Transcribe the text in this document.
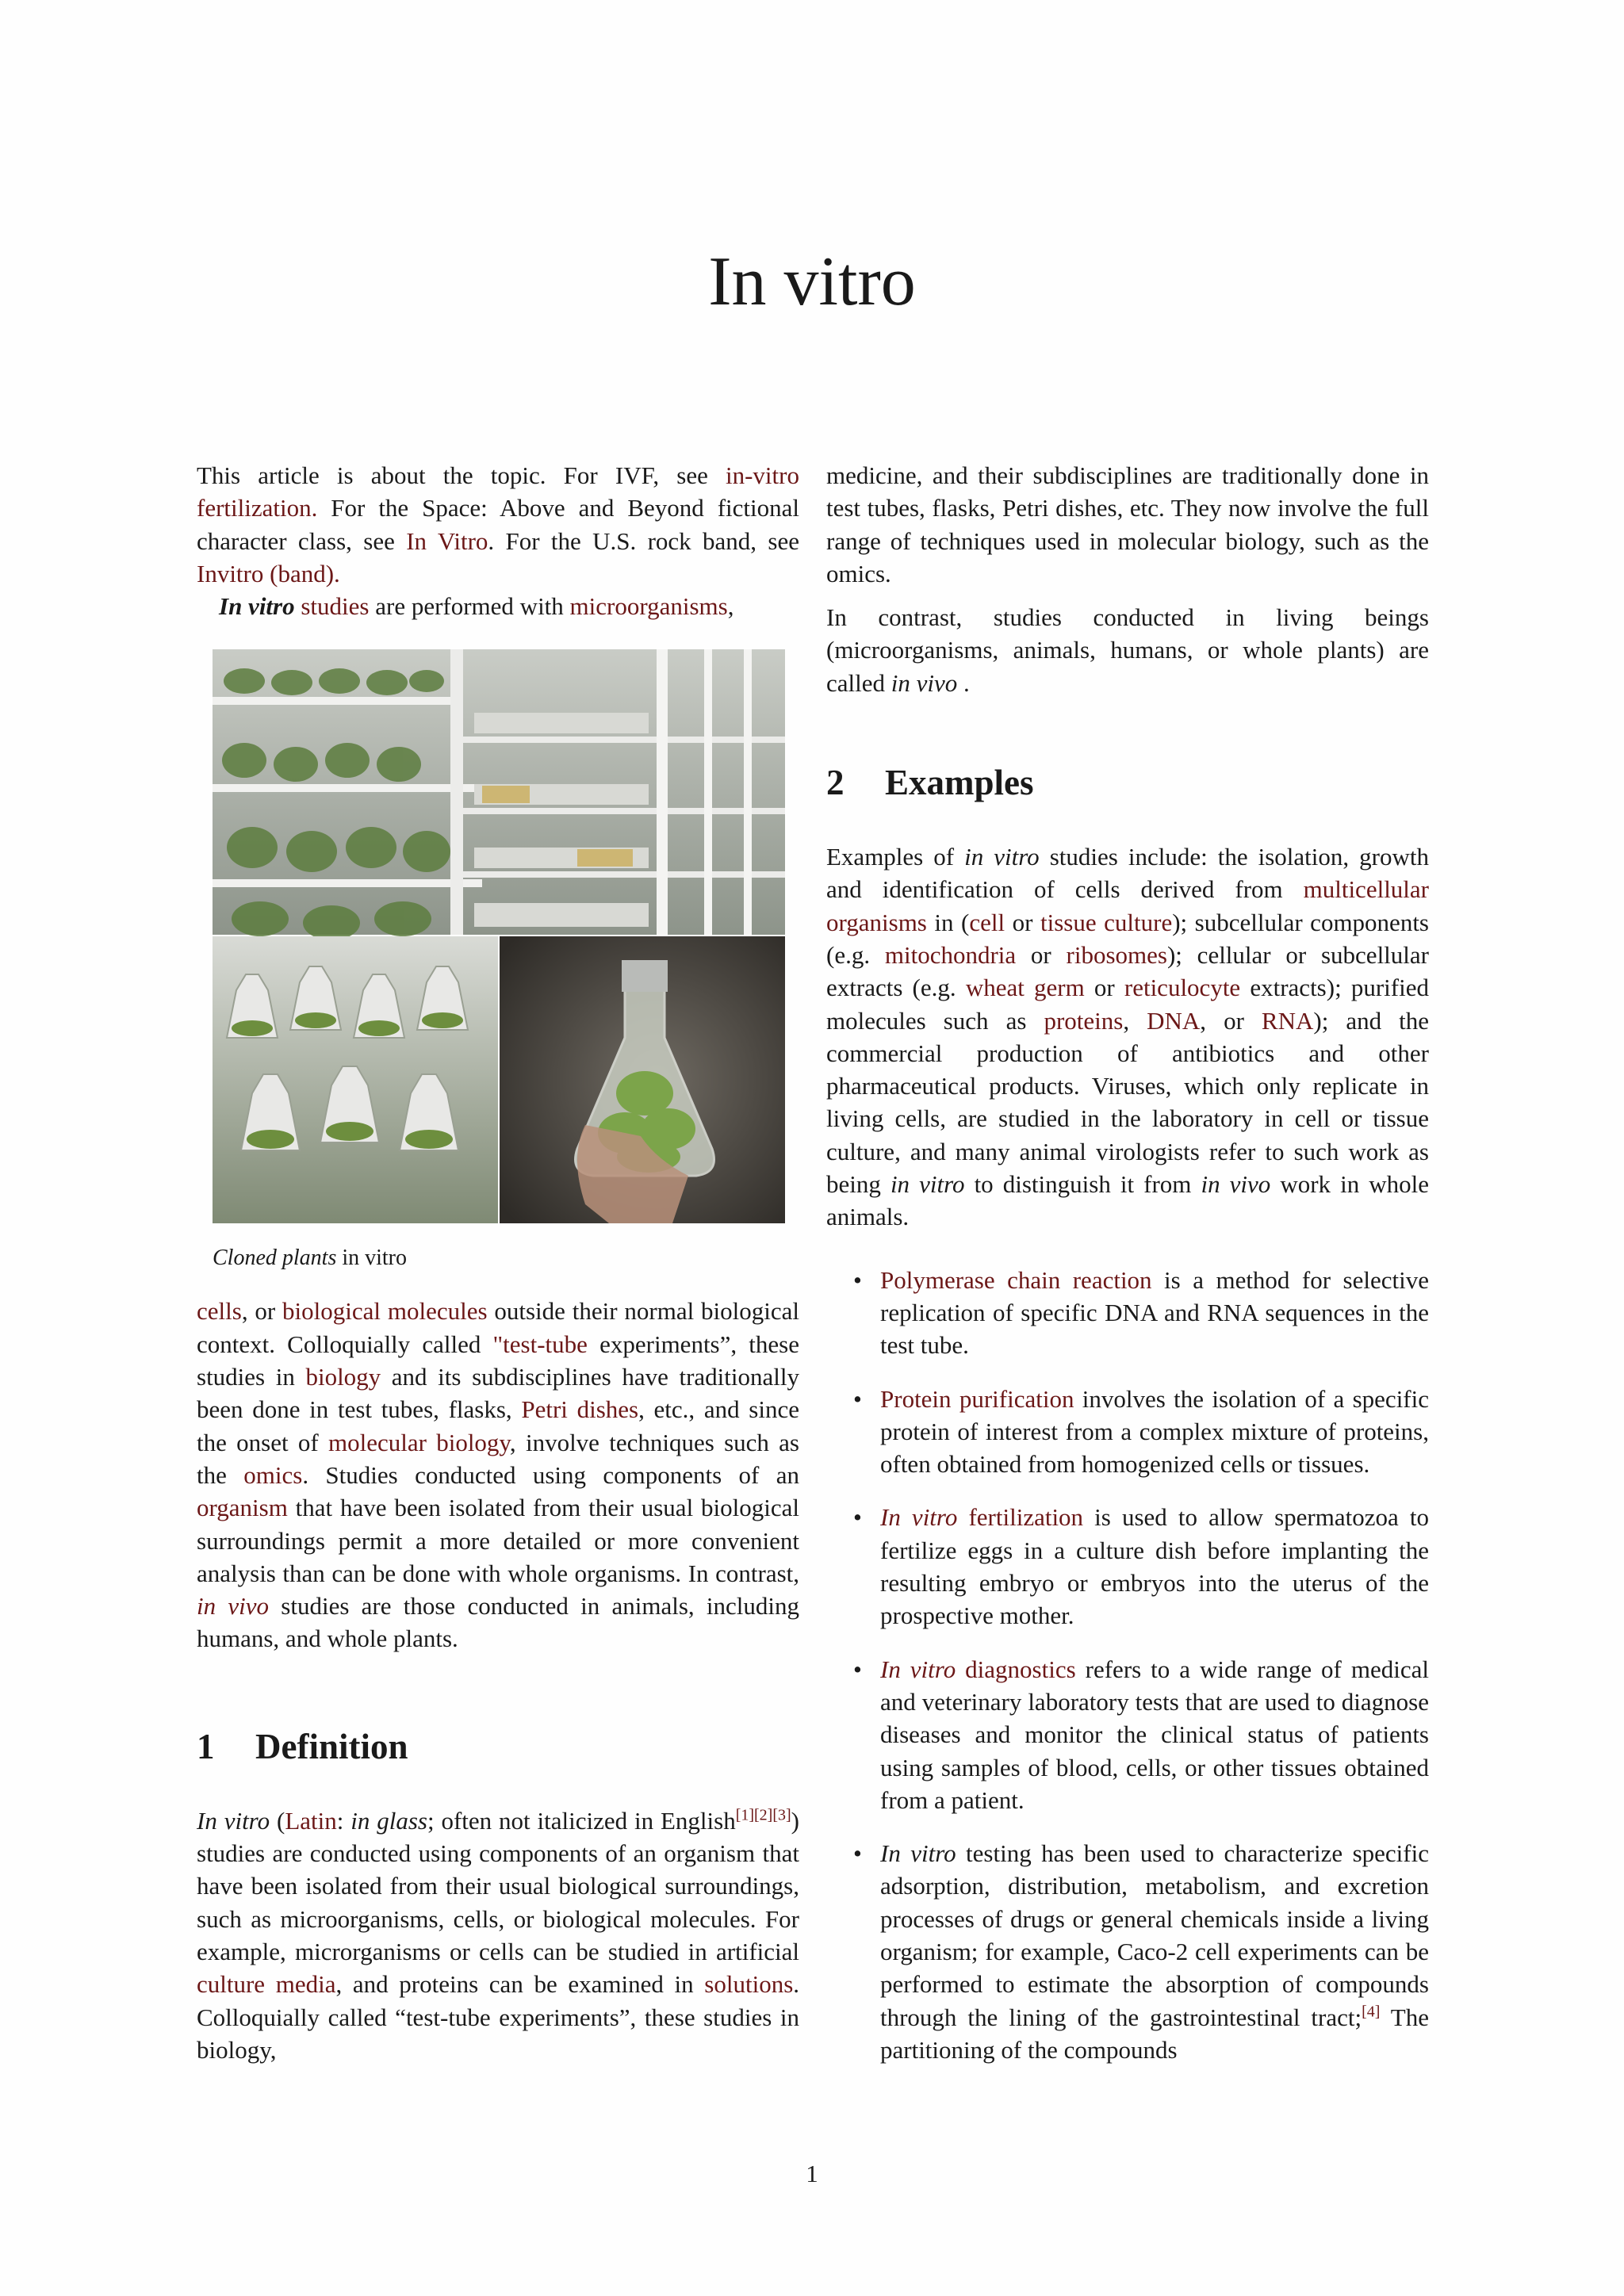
In vitro

This article is about the topic. For IVF, see in-vitro fertilization. For the Space: Above and Beyond fictional character class, see In Vitro. For the U.S. rock band, see Invitro (band).

In vitro studies are performed with microorganisms,

Cloned plants in vitro

cells, or biological molecules outside their normal biological context. Colloquially called "test-tube experiments”, these studies in biology and its subdisciplines have traditionally been done in test tubes, flasks, Petri dishes, etc., and since the onset of molecular biology, involve techniques such as the omics. Studies conducted using components of an organism that have been isolated from their usual biological surroundings permit a more detailed or more convenient analysis than can be done with whole organisms. In contrast, in vivo studies are those conducted in animals, including humans, and whole plants.

1 Definition

In vitro (Latin: in glass; often not italicized in English[1][2][3]) studies are conducted using components of an organism that have been isolated from their usual biological surroundings, such as microorganisms, cells, or biological molecules. For example, microrganisms or cells can be studied in artificial culture media, and proteins can be examined in solutions. Colloquially called “test-tube experiments”, these studies in biology,

medicine, and their subdisciplines are traditionally done in test tubes, flasks, Petri dishes, etc. They now involve the full range of techniques used in molecular biology, such as the omics.

In contrast, studies conducted in living beings (microorganisms, animals, humans, or whole plants) are called in vivo .

2 Examples

Examples of in vitro studies include: the isolation, growth and identification of cells derived from multicellular organisms in (cell or tissue culture); subcellular components (e.g. mitochondria or ribosomes); cellular or subcellular extracts (e.g. wheat germ or reticulocyte extracts); purified molecules such as proteins, DNA, or RNA); and the commercial production of antibiotics and other pharmaceutical products. Viruses, which only replicate in living cells, are studied in the laboratory in cell or tissue culture, and many animal virologists refer to such work as being in vitro to distinguish it from in vivo work in whole animals.

• Polymerase chain reaction is a method for selective replication of specific DNA and RNA sequences in the test tube.
• Protein purification involves the isolation of a specific protein of interest from a complex mixture of proteins, often obtained from homogenized cells or tissues.
• In vitro fertilization is used to allow spermatozoa to fertilize eggs in a culture dish before implanting the resulting embryo or embryos into the uterus of the prospective mother.
• In vitro diagnostics refers to a wide range of medical and veterinary laboratory tests that are used to diagnose diseases and monitor the clinical status of patients using samples of blood, cells, or other tissues obtained from a patient.
• In vitro testing has been used to characterize specific adsorption, distribution, metabolism, and excretion processes of drugs or general chemicals inside a living organism; for example, Caco-2 cell experiments can be performed to estimate the absorption of compounds through the lining of the gastrointestinal tract;[4] The partitioning of the compounds
1
